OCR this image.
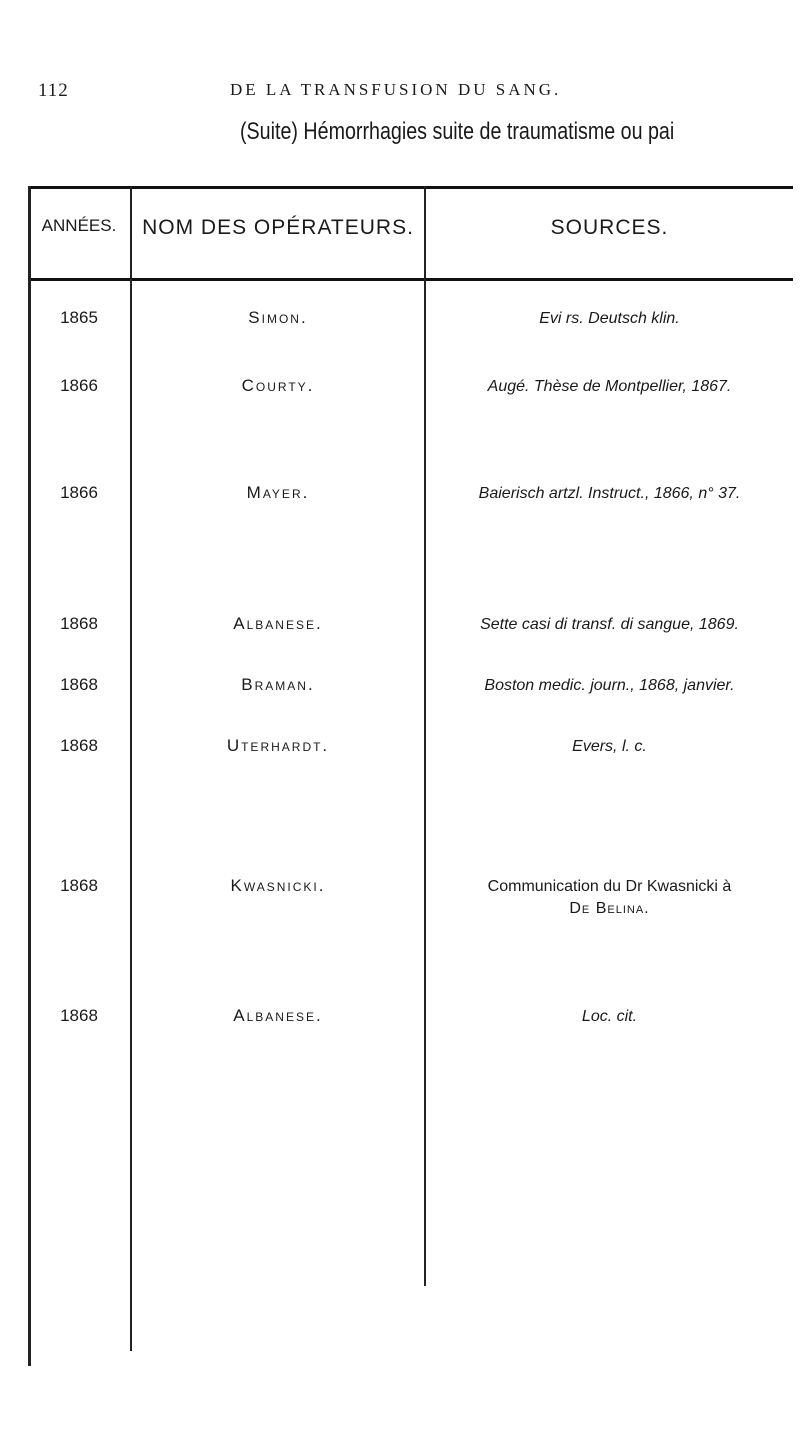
112	DE LA TRANSFUSION DU SANG.
(Suite) Hémorrhagies suite de traumatisme ou pai
ANNÉES.	NOM DES OPÉRATEURS.	SOURCES.
1865	Simon.	Evi rs. Deutsch klin.
1866	Courty.	Augé. Thèse de Montpellier, 1867.
1866	Mayer.	Baierisch artzl. Instruct., 1866, n° 37.
1868	Albanese.	Sette casi di transf. di sangue, 1869.
1868	Braman.	Boston medic. journ., 1868, janvier.
1868	Uterhardt.	Evers, l. c.
1868	Kwasnicki.	Communication du Dr Kwasnicki à
De Belina.
1868	Albanese.	Loc. cit.
